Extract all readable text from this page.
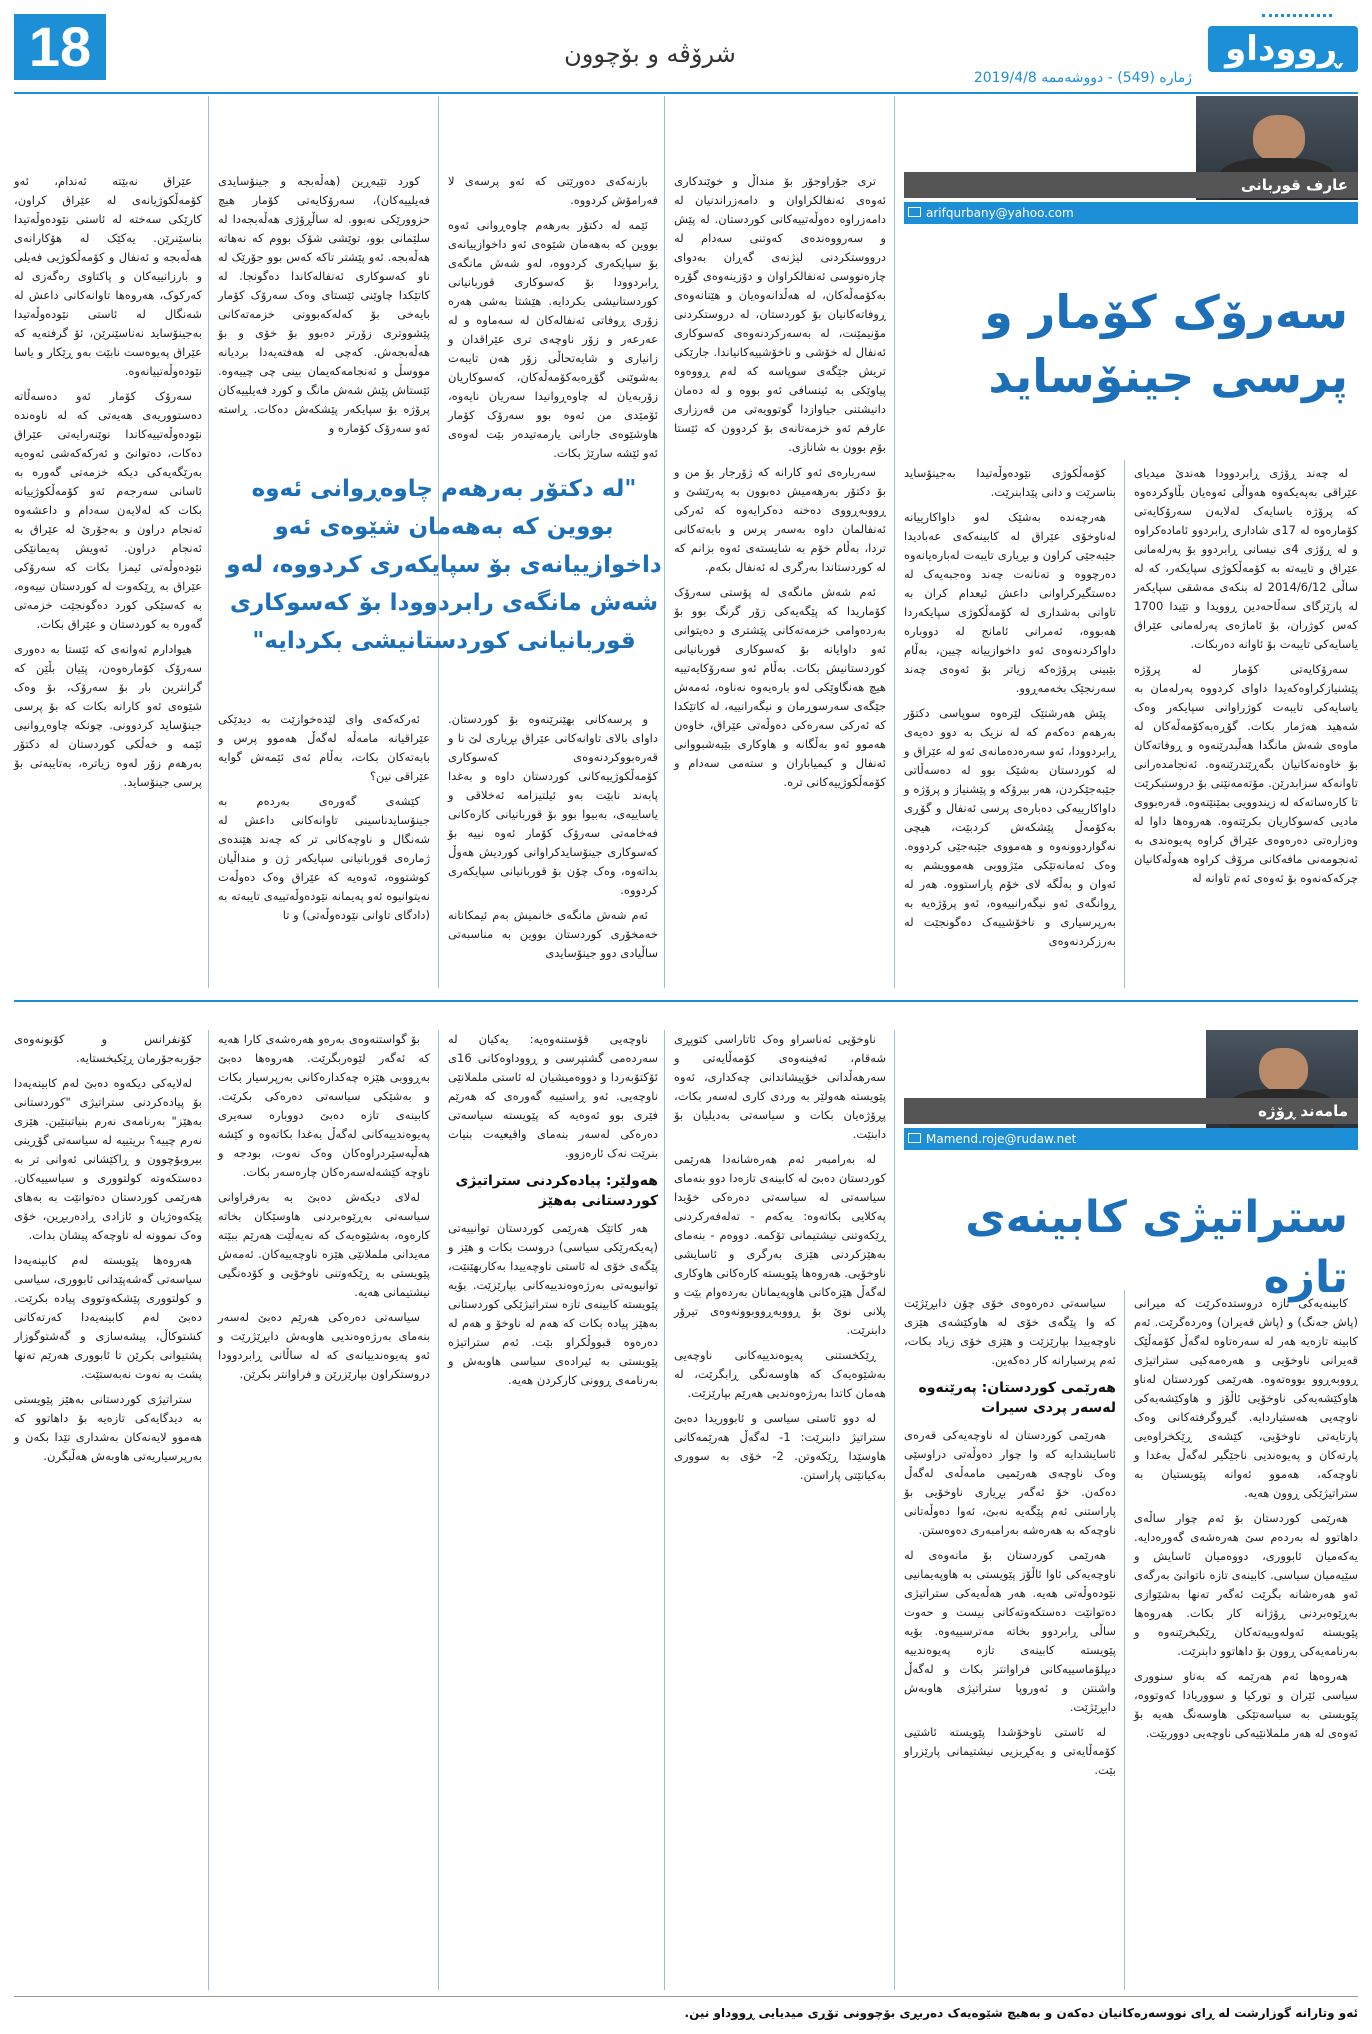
18	شرۆڤە و بۆچوون	ڕووداو
ژمارە (549) - دووشەممە 2019/4/8
عارف قوربانی
arifqurbany@yahoo.com
سەرۆک کۆمار و پرسی جینۆساید

لە چەند ڕۆژی ڕابردوودا هەندێ میدیای عێراقی بەپەیکەوە هەواڵی ئەوەیان بڵاوکردەوە کە پرۆژە یاسایەک لەلایەن سەرۆکایەتی کۆمارەوە لە 17ی شاداری ڕابردوو ئامادەکراوە و لە ڕۆژی 4ی نیسانی ڕابردوو بۆ پەرلەمانی عێراق و تایبەتە بە کۆمەڵکوژی سپایکەر، کە لە ساڵی 2014/6/12 لە بنکەی مەشقی سپایکەر لە پارێزگای سەڵاحەدین ڕوویدا و تێیدا 1700 کەس کوژران، بۆ ئاماژەی پەرلەمانی عێراق یاسایەکی تایبەت بۆ ئاوانە دەربکات.

سەرۆکایەتی کۆمار لە پرۆژە پێشنیازکراوەکەیدا داوای کردووە پەرلەمان بە یاسایەکی تایبەت کوژراوانی سپایکەر وەک شەهید هەژمار بکات. گۆڕەبەکۆمەڵەکان لە ماوەی شەش مانگدا هەڵبدرێنەوە و ڕوفاتەکان بۆ خاوەنەکانیان بگەڕێندرێنەوە. ئەنجامدەرانی تاوانەکە سزابدرێن. مۆتەمەنێتی بۆ دروستبکرێت تا کارەساتەکە لە زیندوویی بمێنێتەوە. قەرەبووی مادیی کەسوکاریان بکرێتەوە. هەروەها داوا لە وەزارەتی دەرەوەی عێراق کراوە پەیوەندی بە ئەنجومەنی مافەکانی مرۆڤ کراوە هەوڵەکانیان چرکەکەنەوە بۆ ئەوەی ئەم تاوانە لە

کۆمەڵکوژی نێودەوڵەتیدا بەجینۆساید بناسرێت و دانی پێدابنرێت.

هەرچەندە بەشێک لەو داواکارییانە لەناوخۆی عێراق لە کابینەکەی عەبادیدا جێبەجێی کراون و بڕیاری تایبەت لەبارەیانەوە دەرچووە و تەنانەت چەند وەجبەیەک لە دەستگیرکراوانی داعش ئیعدام کران بە تاوانی بەشداری لە کۆمەڵکوژی سپایکەردا هەبووە، ئەمرانی ئامانج لە دووبارە داواکردنەوەی ئەو داخوازییانە چیین، بەڵام بێبینی پرۆژەکە زیاتر بۆ ئەوەی چەند سەرنجێک بخەمەڕوو.

پێش هەرشتێک لێرەوە سوپاسی دکتۆر بەرهەم دەکەم کە لە نزیک بە دوو دەیەی ڕابردوودا، ئەو سەرەدەمانەی ئەو لە عێراق و لە کوردستان بەشێک بوو لە دەسەڵاتی جێبەجێکردن، هەر بیرۆکە و پێشنیاز و پرۆژە و داواکارییەکی دەبارەی پرسی ئەنفال و گۆڕی بەکۆمەڵ پێشکەش کردبێت، هیچی نەگواردوونەوە و هەمووی جێبەجێی کردووە. وەک ئەمانەتێکی مێژوویی هەموویشم بە ئەوان و بەڵگە لای خۆم پاراستووە. هەر لە ڕوانگەی ئەو نیگەرانییەوە، ئەو پرۆژەیە بە بەرپرسیاری و ناخۆشییەک دەگونجێت لە بەرزکردنەوەی

تری جۆراوجۆر بۆ منداڵ و خوێندکاری ئەوەی ئەنفالکراوان و دامەزراندنیان لە دامەزراوە دەوڵەتییەکانی کوردستان. لە پێش و سەرووەندەی کەوتنی سەدام لە درووستکردنی لیژنەی گەڕان بەدوای چارەنووسی ئەنفالکراوان و دۆزینەوەی گۆڕە بەکۆمەڵەکان، لە هەڵدانەوەیان و هێنانەوەی ڕوفاتەکانیان بۆ کوردستان، لە دروستکردنی مۆنیمێنت، لە بەسەرکردنەوەی کەسوکاری ئەنفال لە خۆشی و ناخۆشییەکانیاندا. جارێکی تریش جێگەی سوپاسە کە لەم ڕووەوە پیاوێکی بە ئینسافی ئەو بووە و لە دەمان دانیشتنی جیاوازدا گوتوویەتی من قەرزاری عارفم ئەو خزمەتانەی بۆ کردوون کە ئێستا بۆم بوون بە شانازی.

سەربارەی ئەو کارانە کە ژۆرجار بۆ من و بۆ دکتۆر بەرهەمیش دەبوون بە پەرێشێ و ڕووبەڕووی دەخنە دەکرایەوە کە ئەرکی ئەنفالمان داوە بەسەر پرس و بابەتەکانی تردا، بەڵام خۆم بە شایستەی ئەوە بزانم کە لە کوردستاندا بەرگری لە ئەنفال بکەم.

ئەم شەش مانگەی لە پۆستی سەرۆک کۆماریدا کە پێگەیەکی زۆر گرنگ بوو بۆ بەردەوامی خزمەتەکانی پێشتری و دەیتوانی ئەو داوایانە بۆ کەسوکاری قوربانیانی کوردستانیش بکات. بەڵام ئەو سەرۆکایەتییە هیچ هەنگاوێکی لەو بارەیەوە نەناوە، ئەمەش جێگەی سەرسوڕمان و نیگەرانییە، لە کاتێکدا کە ئەرکی سەرەکی دەوڵەتی عێراق، خاوەن هەموو ئەو بەڵگانە و هاوکاری بێبەشبووانی ئەنفال و کیمیاباران و ستەمی سەدام و کۆمەڵکوژییەکانی ترە.

بازنەکەی دەورێتی کە ئەو پرسەی لا فەرامۆش کردووە.

ئێمە لە دکتۆر بەرهەم چاوەڕوانی ئەوە بووین کە بەهەمان شێوەی ئەو داخوازییانەی بۆ سپایکەری کردووە، لەو شەش مانگەی ڕابردوودا بۆ کەسوکاری قوربانیانی کوردستانیشی بکردایە. هێشتا بەشی هەرە زۆری ڕوفاتی ئەنفالەکان لە سەماوە و لە عەرعەر و زۆر ناوچەی تری عێراقدان و زانیاری و شایەتحاڵی زۆر هەن تایبەت بەشوێنی گۆڕەبەکۆمەڵەکان، کەسوکاریان زۆربەیان لە چاوەڕوانیدا سەریان نایەوە، ئۆمێدی من ئەوە بوو سەرۆک کۆمار هاوشێوەی جارانی یارمەتیدەر بێت لەوەی ئەو ئێشە سارێژ بکات.

کورد تێیەڕین (هەڵەبجە و جینۆسایدی فەیلییەکان)، سەرۆکایەتی کۆمار هیچ حزوورێکی نەبوو. لە ساڵڕۆژی هەڵەبجەدا لە سلێمانی بوو، توێشی شۆک بووم کە نەهاتە هەڵەبجە. ئەو پێشتر تاکە کەس بوو جۆرێک لە ناو کەسوکاری ئەنفالەکاندا دەگونجا. لە کاتێکدا چاوێنی ئێستای وەک سەرۆک کۆمار بایەخی بۆ کەلەکەبوونی خزمەتەکانی پێشووتری زۆرتر دەبوو بۆ خۆی و بۆ هەڵەبجەش. کەچی لە هەفتەیەدا بردیانە مووسڵ و ئەنجامەکەیمان بینی چی چییەوە. ئێستاش پێش شەش مانگ و کورد فەیلییەکان پرۆژە بۆ سپایکەر پێشکەش دەکات. ڕاستە ئەو سەرۆک کۆمارە و

عێراق نەبێتە ئەندام، ئەو کۆمەڵکوژیانەی لە عێراق کراون، کارێکی سەختە لە ئاستی نێودەوڵەتیدا بناسێنرێن. یەکێک لە هۆکارانەی هەڵەبجە و ئەنفال و کۆمەڵکوژیی فەیلی و بارزانییەکان و پاکتاوی رەگەزی لە کەرکوک، هەروەها تاوانەکانی داعش لە شەنگال لە ئاستی نێودەوڵەتیدا بەجینۆساید نەناسێنرێن، ئۆ گرفتەیە کە عێراق پەیوەست نابێت بەو ڕێکار و یاسا نێودەوڵەتییانەوە.

سەرۆک کۆمار ئەو دەسەڵاتە دەستووریەی هەیەتی کە لە ناوەندە نێودەوڵەتییەکاندا نوێنەرایەتی عێراق دەکات، دەتوانێ و ئەرکەکەشی ئەوەیە بەرێگەیەکی دیکە خزمەتی گەورە بە ئاسانی سەرجەم ئەو کۆمەڵکوژییانە بکات کە لەلایەن سەدام و داعشەوە ئەنجام دراون و بەجۆرێ لە عێراق بە ئەنجام دراون. ئەویش پەیمانێکی نێودەوڵەتی ئیمزا بکات کە سەرۆکی عێراق بە ڕێکەوت لە کوردستان نییەوە، بە کەسێکی کورد دەگونجێت خزمەتی گەورە بە کوردستان و عێراق بکات.

هیوادارم ئەوانەی کە ئێستا بە دەوری سەرۆک کۆمارەوەن، پێیان بڵێن کە گرانترین بار بۆ سەرۆک، بۆ وەک شێوەی ئەو کارانە بکات کە بۆ پرسی جینۆساید کردوونی. چونکە چاوەڕوانیی ئێمە و خەڵکی کوردستان لە دکتۆر بەرهەم زۆر لەوە زیاترە، بەتایبەتی بۆ پرسی جینۆساید.

"لە دکتۆر بەرهەم چاوەڕوانی ئەوە بووین کە بەهەمان شێوەی ئەو داخوازییانەی بۆ سپایکەری کردووە، لەو شەش مانگەی رابردوودا بۆ کەسوکاری قوربانیانی کوردستانیشی بکردایە"

و پرسەکانی بهێنرێنەوە بۆ کوردستان. داوای بالای تاوانەکانی عێراق بڕیاری لێ نا و قەرەبووکردنەوەی کەسوکاری کۆمەڵکوژییەکانی کوردستان داوە و بەغدا پابەند نابێت بەو ئیلتیزامە ئەخلاقی و یاساییەی، بەبیوا بوو بۆ قوربانیانی کارەکانی فەخامەتی سەرۆک کۆمار ئەوە نییە بۆ کەسوکاری جینۆسایدکراوانی کوردیش هەوڵ بداتەوە، وەک چۆن بۆ قوربانیانی سپایکەری کردووە.

ئەم شەش مانگەی خانمیش بەم ئیمکانانە خەمخۆری کوردستان بووین بە مناسبەتی ساڵیادی دوو جینۆسایدی

ئەرکەکەی وای لێدەخوازێت بە دیدێکی عێراقیانە مامەڵە لەگەڵ هەموو پرس و بابەتەکان بکات، بەڵام ئەی ئێمەش گوایە عێراقی نین؟

کێشەی گەورەی بەردەم بە جینۆسایدناسینی تاوانەکانی داعش لە شەنگال و ناوچەکانی تر کە چەند هێندەی ژمارەی قوربانیانی سپایکەر ژن و منداڵیان کوشتووە، ئەوەیە کە عێراق وەک دەوڵەت نەیتوانیوە ئەو پەیمانە نێودەوڵەتییەی تایبەتە بە (دادگای تاوانی نێودەوڵەتی) و تا

مامەند ڕۆژە
Mamend.roje@rudaw.net
ستراتیژی کابینەی تازە

کابینەیەکی تازە دروستدەکرێت کە میرانی (پاش جەنگ) و (پاش قەیران) وەردەگرێت. ئەم کابینە تازەیە هەر لە سەرەتاوە لەگەڵ کۆمەڵێک قەیرانی ناوخۆیی و هەرەمەکیی ستراتیژی ڕووبەڕوو بووەتەوە. هەرێمی کوردستان لەناو هاوکێشەیەکی ناوخۆیی ئاڵۆز و هاوکێشەیەکی ناوچەیی هەستیاردایە. گیروگرفتەکانی وەک پارتایەتی ناوخۆیی، کێشەی ڕێکخراوەیی پارتەکان و پەیوەندیی ناجێگیر لەگەڵ بەغدا و ناوچەکە، هەموو ئەوانە پێویستیان بە ستراتیژێکی ڕوون هەیە.

هەرێمی کوردستان بۆ ئەم چوار ساڵەی داهاتوو لە بەردەم سێ هەرەشەی گەورەدایە. یەکەمیان ئابووری، دووەمیان ئاسایش و سێیەمیان سیاسی. کابینەی تازە ناتوانێ بەرگەی ئەو هەرەشانە بگرێت ئەگەر تەنها بەشێوازی بەڕێوەبردنی ڕۆژانە کار بکات. هەروەها پێویستە ئەولەوییەتەکان ڕێکبخرێنەوە و بەرنامەیەکی ڕوون بۆ داهاتوو دابنرێت.

هەروەها ئەم هەرێمە کە بەناو سنووری سیاسی ئێران و تورکیا و سووریادا کەوتووە، پێویستی بە سیاسەتێکی هاوسەنگ هەیە بۆ ئەوەی لە هەر ململانێیەکی ناوچەیی دووربێت.

سیاسەتی دەرەوەی خۆی چۆن دابڕێژێت کە وا پێگەی خۆی لە هاوکێشەی هێزی ناوچەییدا بپارێزێت و هێزی خۆی زیاد بکات، ئەم پرسیارانە کار دەکەین.

هەرێمی کوردستان: پەرێنەوە لەسەر پردی سیرات

هەرێمی کوردستان لە ناوچەیەکی قەرەی ئاسایشدایە کە وا چوار دەوڵەتی دراوسێی وەک ناوچەی هەرێمیی مامەڵەی لەگەڵ دەکەن. خۆ ئەگەر بڕیاری ناوخۆیی بۆ پاراستنی ئەم پێگەیە نەبێ، ئەوا دەوڵەتانی ناوچەکە بە هەرەشە بەرامبەری دەوەستن.

هەرێمی کوردستان بۆ مانەوەی لە ناوچەیەکی ئاوا ئاڵۆز پێویستی بە هاوپەیمانیی نێودەوڵەتی هەیە. هەر هەڵەیەکی ستراتیژی دەتوانێت دەستکەوتەکانی بیست و حەوت ساڵی ڕابردوو بخاتە مەترسییەوە. بۆیە پێویستە کابینەی تازە پەیوەندییە دیپلۆماسییەکانی فراوانتر بکات و لەگەڵ واشنتن و ئەوروپا ستراتیژی هاوبەش دابڕێژێت.

لە ئاستی ناوخۆشدا پێویستە ئاشتیی کۆمەڵایەتی و یەکڕیزیی نیشتیمانی پارێزراو بێت.

ناوخۆیی ئەناسراو وەک ئاتاراسی کتوپڕی شەقام، ئەفینەوەی کۆمەڵایەتی و سەرهەڵدانی خۆپیشاندانی چەکداری، ئەوە پێویستە هەولێر بە وردی کاری لەسەر بکات، پڕۆژەیان بکات و سیاسەتی بەدیلیان بۆ دابنێت.

لە بەرامبەر ئەم هەرەشانەدا هەرێمی کوردستان دەبێ لە کابینەی تازەدا دوو بنەمای سیاسەتی لە سیاسەتی دەرەکی خۆیدا پەکلایی بکاتەوە: یەکەم - تەلەفەرکردنی ڕێکەوتنی نیشتیمانی تۆکمە. دووەم - بنەمای بەهێزکردنی هێزی بەرگری و ئاسایشی ناوخۆیی. هەروەها پێویستە کارەکانی هاوکاری لەگەڵ هێزەکانی هاوپەیمانان بەردەوام بێت و پلانی نوێ بۆ ڕووبەڕووبوونەوەی تیرۆر دابنرێت.

ڕێکخستنی پەیوەندییەکانی ناوچەیی بەشێوەیەک کە هاوسەنگی ڕابگرێت، لە هەمان کاتدا بەرژەوەندیی هەرێم بپارێزێت.

لە دوو ئاستی سیاسی و ئابووریدا دەبێ ستراتیژ دابنرێت: 1- لەگەڵ هەرێمەکانی هاوسێدا ڕێکەوتن. 2- خۆی بە سووری بەکیانێتی پاراستن.

ناوچەیی قۆستنەوەیە: یەکیان لە سەردەمی گشتپرسی و ڕووداوەکانی 16ی ئۆکتۆبەردا و دووەمیشیان لە ئاستی ململانێی ناوچەیی. ئەو ڕاستییە گەورەی کە هەرێم فێری بوو ئەوەیە کە پێویستە سیاسەتی دەرەکی لەسەر بنەمای واقیعیەت بنیات بنرێت نەک ئارەزوو.

هەولێر: پیادەکردنی ستراتیژی کوردستانی بەهێز

هەر کاتێک هەرێمی کوردستان توانییەتی (پەیکەرێکی سیاسی) دروست بکات و هێز و پێگەی خۆی لە ئاستی ناوچەییدا بەکاربهێنێت، توانیویەتی بەرژەوەندییەکانی بپارێزێت. بۆیە پێویستە کابینەی تازە ستراتیژێکی کوردستانی بەهێز پیادە بکات کە هەم لە ناوخۆ و هەم لە دەرەوە قبووڵکراو بێت. ئەم ستراتیژە پێویستی بە ئیرادەی سیاسی هاوبەش و بەرنامەی ڕوونی کارکردن هەیە.

بۆ گواستنەوەی بەرەو هەرەشەی کارا هەیە کە ئەگەر لێوەربگرێت. هەروەها دەبێ بەڕووبی هێزە چەکدارەکانی بەرپرسیار بکات و بەشێکی سیاسەتی دەرەکی بکرێت. کابینەی تازە دەبێ دووبارە سەیری پەیوەندییەکانی لەگەڵ بەغدا بکاتەوە و کێشە هەڵپەسێردراوەکان وەک نەوت، بودجە و ناوچە کێشەلەسەرەکان چارەسەر بکات.

لەلای دیکەش دەبێ بە بەرفراوانی سیاسەتی بەڕێوەبردنی هاوسێکان بخاتە کارەوە، بەشێوەیەک کە نەیەڵێت هەرێم ببێتە مەیدانی ململانێی هێزە ناوچەییەکان. ئەمەش پێویستی بە ڕێکەوتنی ناوخۆیی و کۆدەنگیی نیشتیمانی هەیە.

سیاسەتی دەرەکی هەرێم دەبێ لەسەر بنەمای بەرژەوەندیی هاوبەش دابڕێژرێت و ئەو پەیوەندییانەی کە لە ساڵانی ڕابردوودا دروستکراون بپارێزرێن و فراوانتر بکرێن.

کۆنفرانس و کۆبونەوەی جۆربەجۆرمان ڕێکبخستایە.

لەلایەکی دیکەوە دەبێ لەم کابینەیەدا بۆ پیادەکردنی ستراتیژی "کوردستانی بەهێز" بەرنامەی نەرم بنیاتبنێین. هێزی نەرم چییە؟ بریتییە لە سیاسەتی گۆڕینی بیروبۆچوون و ڕاکێشانی ئەوانی تر بە دەستکەوتە کولتووری و سیاسییەکان. هەرێمی کوردستان دەتوانێت بە بەهای پێکەوەژیان و ئازادی ڕادەربڕین، خۆی وەک نموونە لە ناوچەکە پیشان بدات.

هەروەها پێویستە لەم کابینەیەدا سیاسەتی گەشەپێدانی ئابووری، سیاسی و کولتووری پێشکەوتووی پیادە بکرێت. دەبێ لەم کابینەیەدا کەرتەکانی کشتوکاڵ، پیشەسازی و گەشتوگوزار پشتیوانی بکرێن تا ئابووری هەرێم تەنها پشت بە نەوت نەبەستێت.

ستراتیژی کوردستانی بەهێز پێویستی بە دیدگایەکی تازەیە بۆ داهاتوو کە هەموو لایەنەکان بەشداری تێدا بکەن و بەرپرسیاریەتی هاوبەش هەڵبگرن.

ئەو وتارانە گوزارشت لە ڕای نووسەرەکانیان دەکەن و بەهیچ شێوەیەک دەربڕی بۆچوونی تۆڕی میدیایی ڕووداو نین.
